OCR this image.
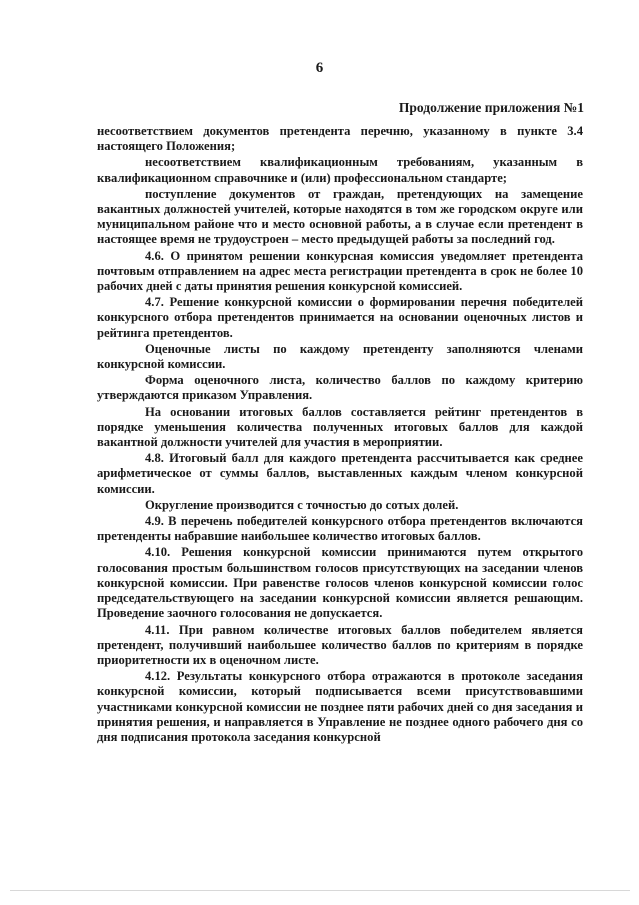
6
Продолжение приложения №1

несоответствием документов претендента перечню, указанному в пункте 3.4 настоящего Положения;

несоответствием квалификационным требованиям, указанным в квалификационном справочнике и (или) профессиональном стандарте;

поступление документов от граждан, претендующих на замещение вакантных должностей учителей, которые находятся в том же городском округе или муниципальном районе что и место основной работы, а в случае если претендент в настоящее время не трудоустроен – место предыдущей работы за последний год.

4.6. О принятом решении конкурсная комиссия уведомляет претендента почтовым отправлением на адрес места регистрации претендента в срок не более 10 рабочих дней с даты принятия решения конкурсной комиссией.

4.7. Решение конкурсной комиссии о формировании перечня победителей конкурсного отбора претендентов принимается на основании оценочных листов и рейтинга претендентов.

Оценочные листы по каждому претенденту заполняются членами конкурсной комиссии.

Форма оценочного листа, количество баллов по каждому критерию утверждаются приказом Управления.

На основании итоговых баллов составляется рейтинг претендентов в порядке уменьшения количества полученных итоговых баллов для каждой вакантной должности учителей для участия в мероприятии.

4.8. Итоговый балл для каждого претендента рассчитывается как среднее арифметическое от суммы баллов, выставленных каждым членом конкурсной комиссии.

Округление производится с точностью до сотых долей.

4.9. В перечень победителей конкурсного отбора претендентов включаются претенденты набравшие наибольшее количество итоговых баллов.

4.10. Решения конкурсной комиссии принимаются путем открытого голосования простым большинством голосов присутствующих на заседании членов конкурсной комиссии. При равенстве голосов членов конкурсной комиссии голос председательствующего на заседании конкурсной комиссии является решающим. Проведение заочного голосования не допускается.

4.11. При равном количестве итоговых баллов победителем является претендент, получивший наибольшее количество баллов по критериям в порядке приоритетности их в оценочном листе.

4.12. Результаты конкурсного отбора отражаются в протоколе заседания конкурсной комиссии, который подписывается всеми присутствовавшими участниками конкурсной комиссии не позднее пяти рабочих дней со дня заседания и принятия решения, и направляется в Управление не позднее одного рабочего дня со дня подписания протокола заседания конкурсной
